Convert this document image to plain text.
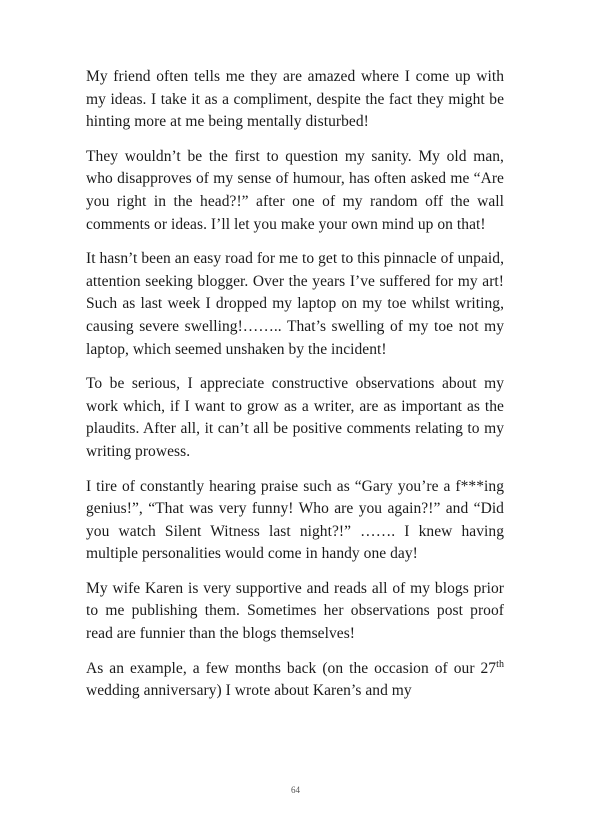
My friend often tells me they are amazed where I come up with my ideas. I take it as a compliment, despite the fact they might be hinting more at me being mentally disturbed!

They wouldn’t be the first to question my sanity. My old man, who disapproves of my sense of humour, has often asked me “Are you right in the head?!” after one of my random off the wall comments or ideas. I’ll let you make your own mind up on that!

It hasn’t been an easy road for me to get to this pinnacle of unpaid, attention seeking blogger. Over the years I’ve suffered for my art! Such as last week I dropped my laptop on my toe whilst writing, causing severe swelling!…….. That’s swelling of my toe not my laptop, which seemed unshaken by the incident!

To be serious, I appreciate constructive observations about my work which, if I want to grow as a writer, are as important as the plaudits. After all, it can’t all be positive comments relating to my writing prowess.

I tire of constantly hearing praise such as “Gary you’re a f***ing genius!”, “That was very funny! Who are you again?!” and “Did you watch Silent Witness last night?!” ……. I knew having multiple personalities would come in handy one day!

My wife Karen is very supportive and reads all of my blogs prior to me publishing them. Sometimes her observations post proof read are funnier than the blogs themselves!

As an example, a few months back (on the occasion of our 27th wedding anniversary) I wrote about Karen’s and my

64
